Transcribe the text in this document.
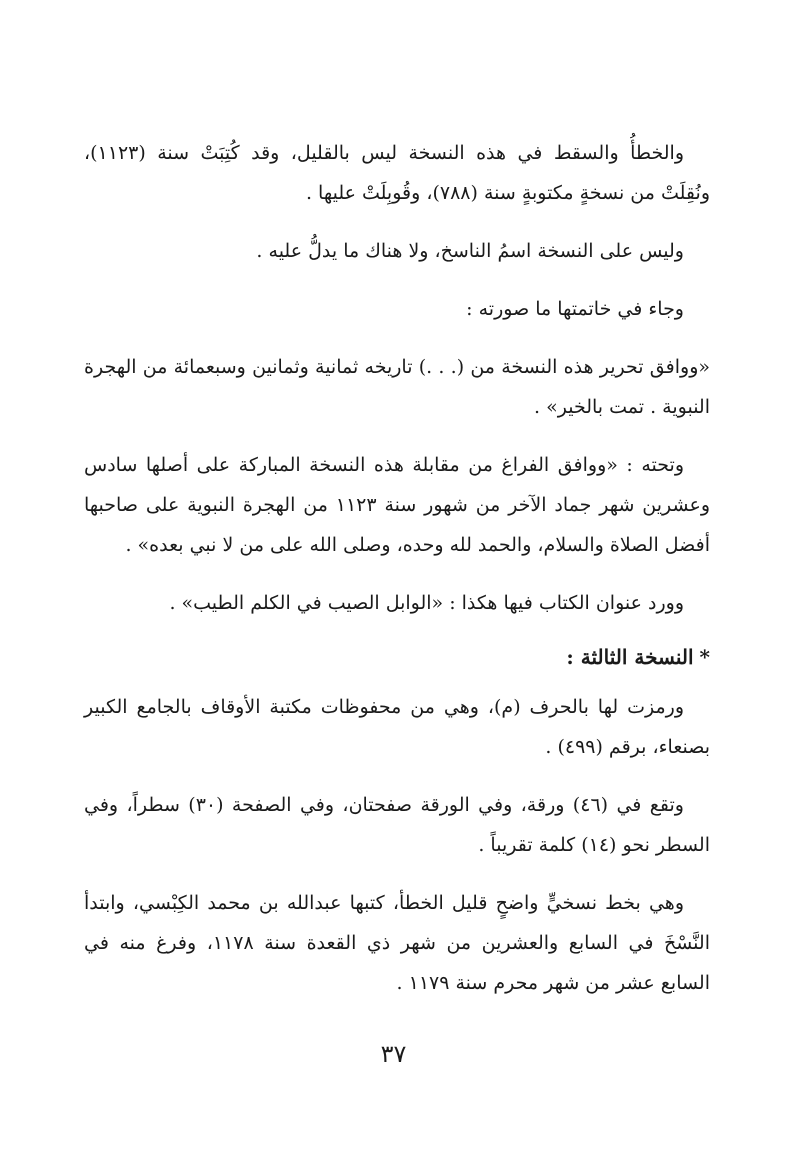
والخطأُ والسقط في هذه النسخة ليس بالقليل، وقد كُتِبَتْ سنة (١١٢٣)، ونُقِلَتْ من نسخةٍ مكتوبةٍ سنة (٧٨٨)، وقُوبِلَتْ عليها .

وليس على النسخة اسمُ الناسخ، ولا هناك ما يدلُّ عليه .

وجاء في خاتمتها ما صورته :

«ووافق تحرير هذه النسخة من (. . .) تاريخه ثمانية وثمانين وسبعمائة من الهجرة النبوية . تمت بالخير» .

وتحته : «ووافق الفراغ من مقابلة هذه النسخة المباركة على أصلها سادس وعشرين شهر جماد الآخر من شهور سنة ١١٢٣ من الهجرة النبوية على صاحبها أفضل الصلاة والسلام، والحمد لله وحده، وصلى الله على من لا نبي بعده» .

وورد عنوان الكتاب فيها هكذا : «الوابل الصيب في الكلم الطيب» .

*النسخة الثالثة :

ورمزت لها بالحرف (م)، وهي من محفوظات مكتبة الأوقاف بالجامع الكبير بصنعاء، برقم (٤٩٩) .

وتقع في (٤٦) ورقة، وفي الورقة صفحتان، وفي الصفحة (٣٠) سطراً، وفي السطر نحو (١٤) كلمة تقريباً .

وهي بخط نسخيٍّ واضحٍ قليل الخطأ، كتبها عبدالله بن محمد الكِبْسي، وابتدأ النَّسْخَ في السابع والعشرين من شهر ذي القعدة سنة ١١٧٨، وفرغ منه في السابع عشر من شهر محرم سنة ١١٧٩ .

٣٧
